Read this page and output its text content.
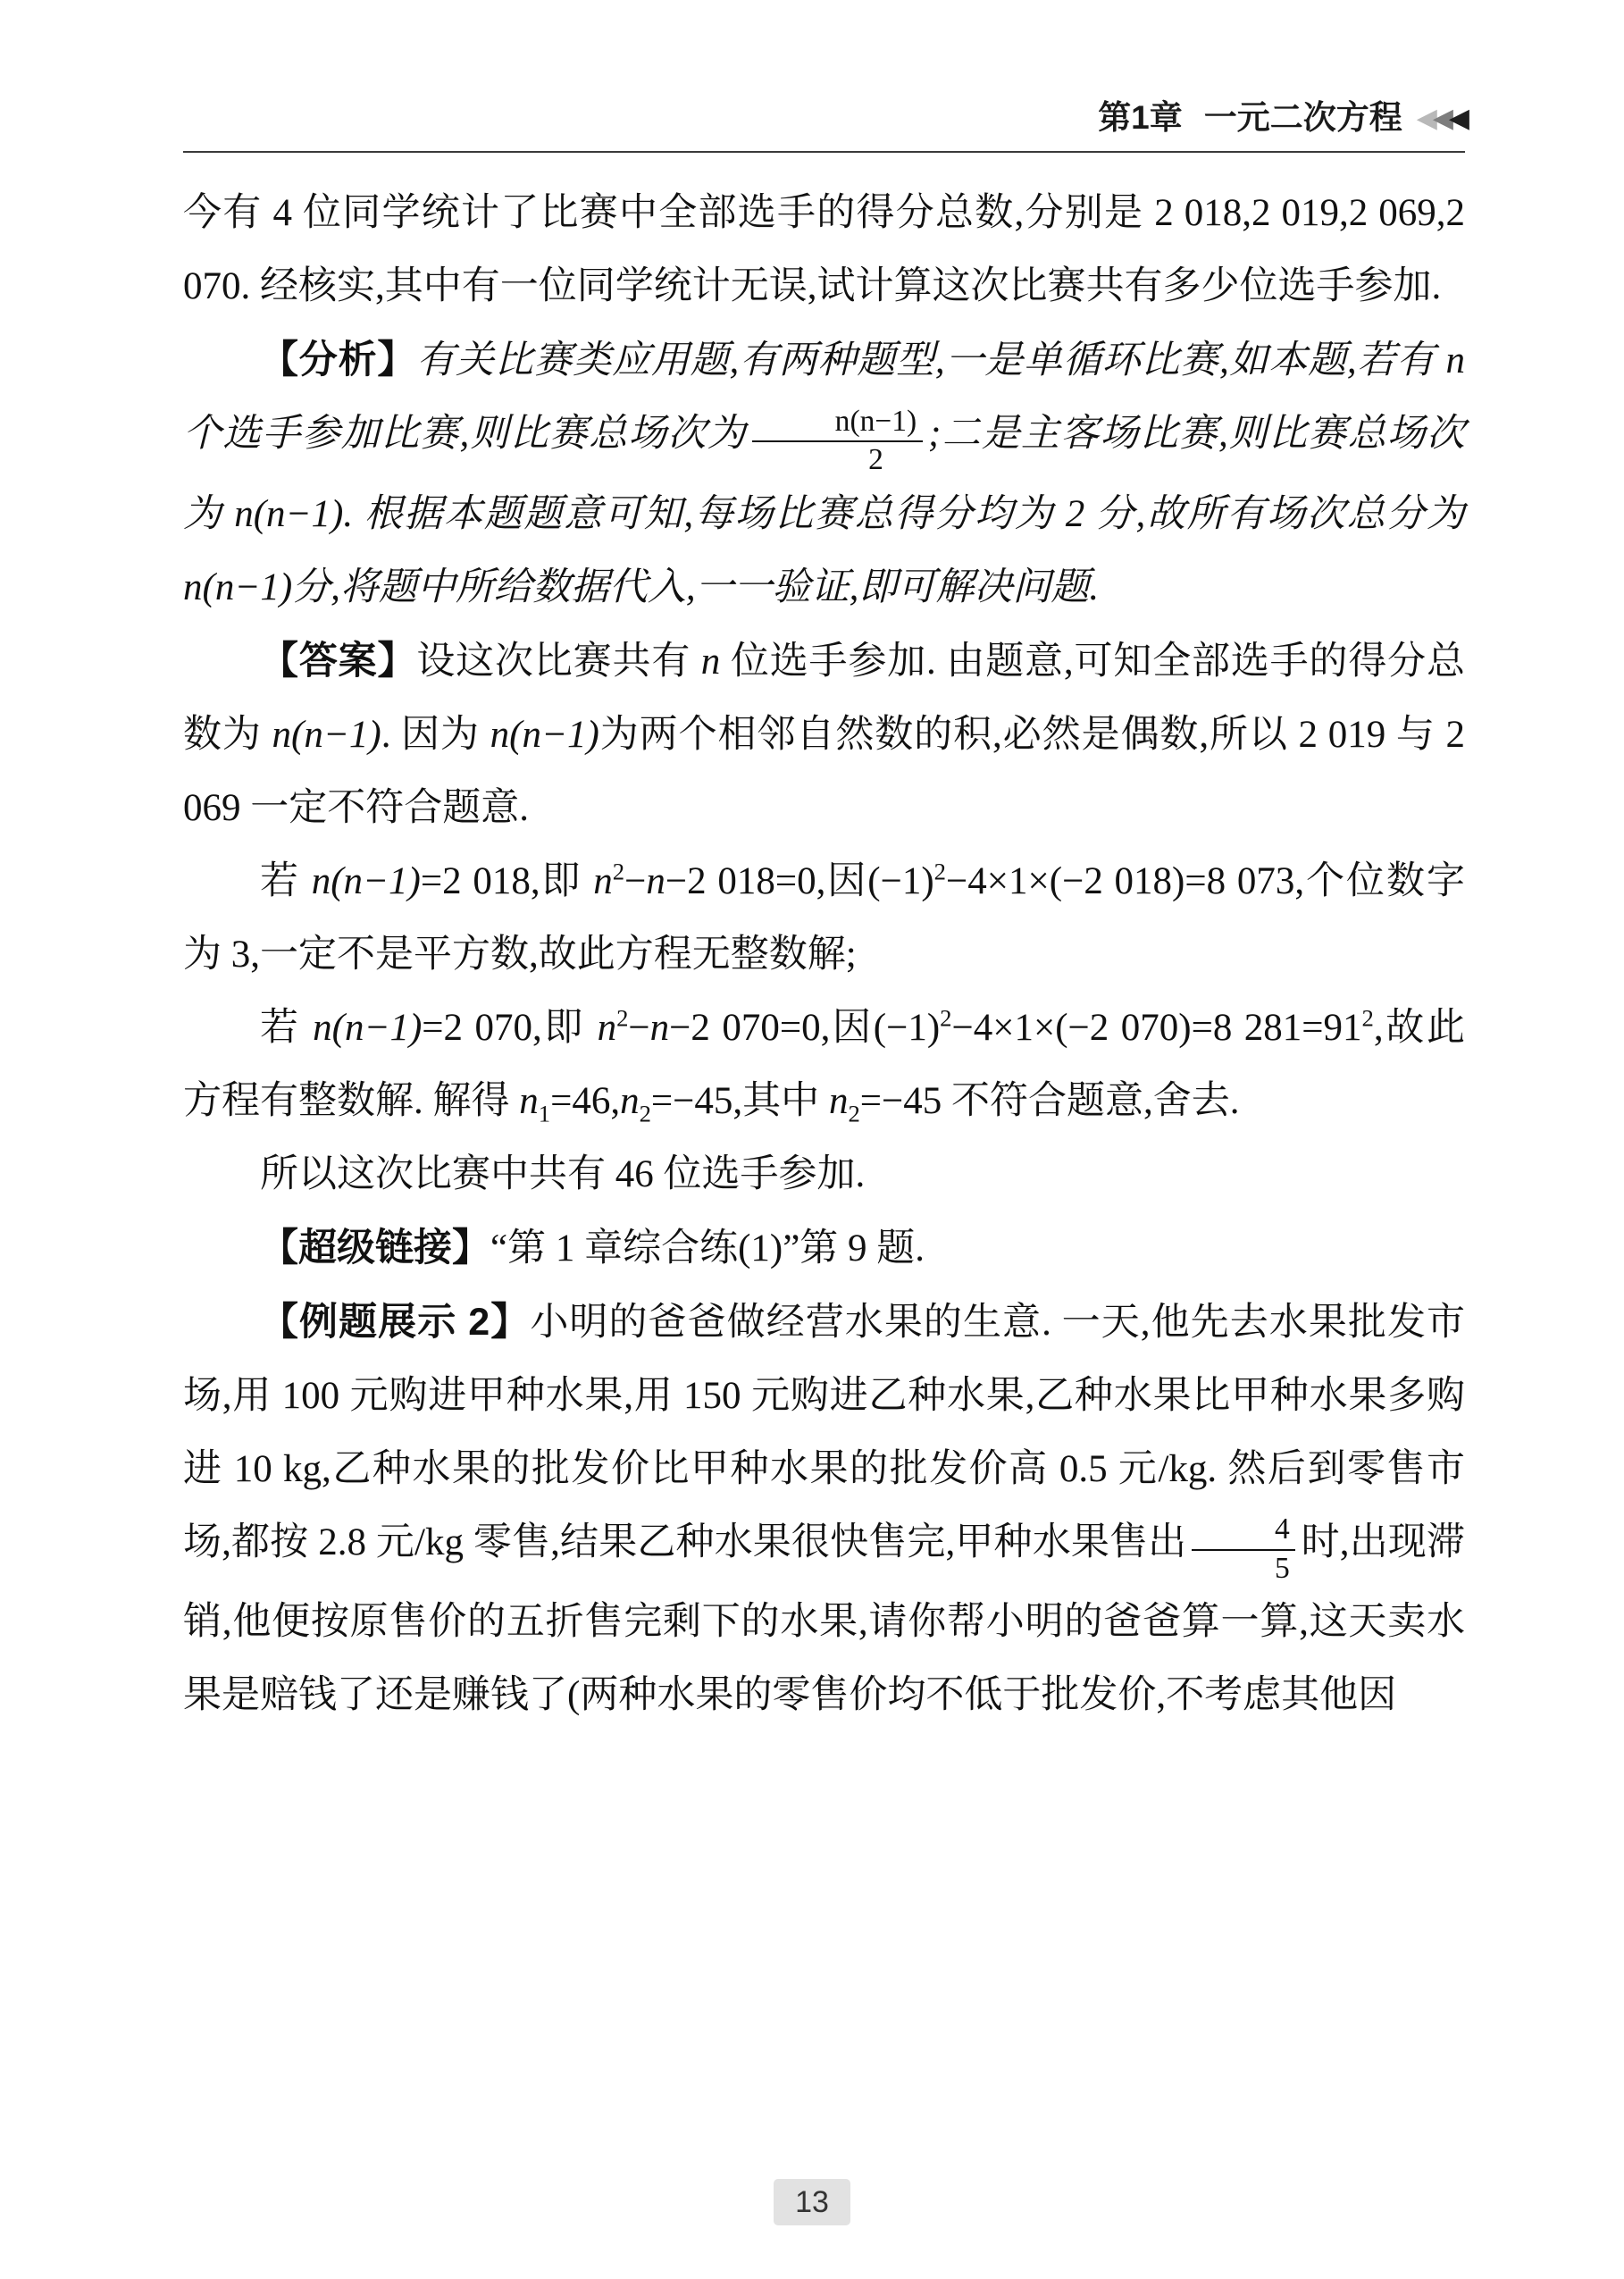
第1章 一元二次方程 ◀◀◀

今有 4 位同学统计了比赛中全部选手的得分总数,分别是 2 018,2 019,2 069,2 070. 经核实,其中有一位同学统计无误,试计算这次比赛共有多少位选手参加.

【分析】有关比赛类应用题,有两种题型,一是单循环比赛,如本题,若有 n 个选手参加比赛,则比赛总场次为 $\frac{n(n-1)}{2}$ ;二是主客场比赛,则比赛总场次为 n(n−1). 根据本题题意可知,每场比赛总得分均为 2 分,故所有场次总分为 n(n−1)分,将题中所给数据代入,一一验证,即可解决问题.

【答案】设这次比赛共有 n 位选手参加. 由题意,可知全部选手的得分总数为 n(n−1). 因为 n(n−1)为两个相邻自然数的积,必然是偶数,所以 2 019 与 2 069 一定不符合题意.

若 n(n−1)=2 018,即 $n^2-n-2$ 018=0,因$(-1)^2-4\times 1\times(-2$ 018)=8 073,个位数字为 3,一定不是平方数,故此方程无整数解;

若 n(n−1)=2 070,即 $n^2-n-2$ 070=0,因$(-1)^2-4\times 1\times(-2$ 070)=8 $281=91^2$,故此方程有整数解. 解得 $n_1=46,n_2=-45$,其中 $n_2=-45$ 不符合题意,舍去.

所以这次比赛中共有 46 位选手参加.

【超级链接】“第 1 章综合练(1)”第 9 题.

【例题展示 2】小明的爸爸做经营水果的生意. 一天,他先去水果批发市场,用 100 元购进甲种水果,用 150 元购进乙种水果,乙种水果比甲种水果多购进 10 kg,乙种水果的批发价比甲种水果的批发价高 0.5 元/kg. 然后到零售市场,都按 2.8 元/kg 零售,结果乙种水果很快售完,甲种水果售出 $\frac{4}{5}$ 时,出现滞销,他便按原售价的五折售完剩下的水果,请你帮小明的爸爸算一算,这天卖水果是赔钱了还是赚钱了(两种水果的零售价均不低于批发价,不考虑其他因

13
